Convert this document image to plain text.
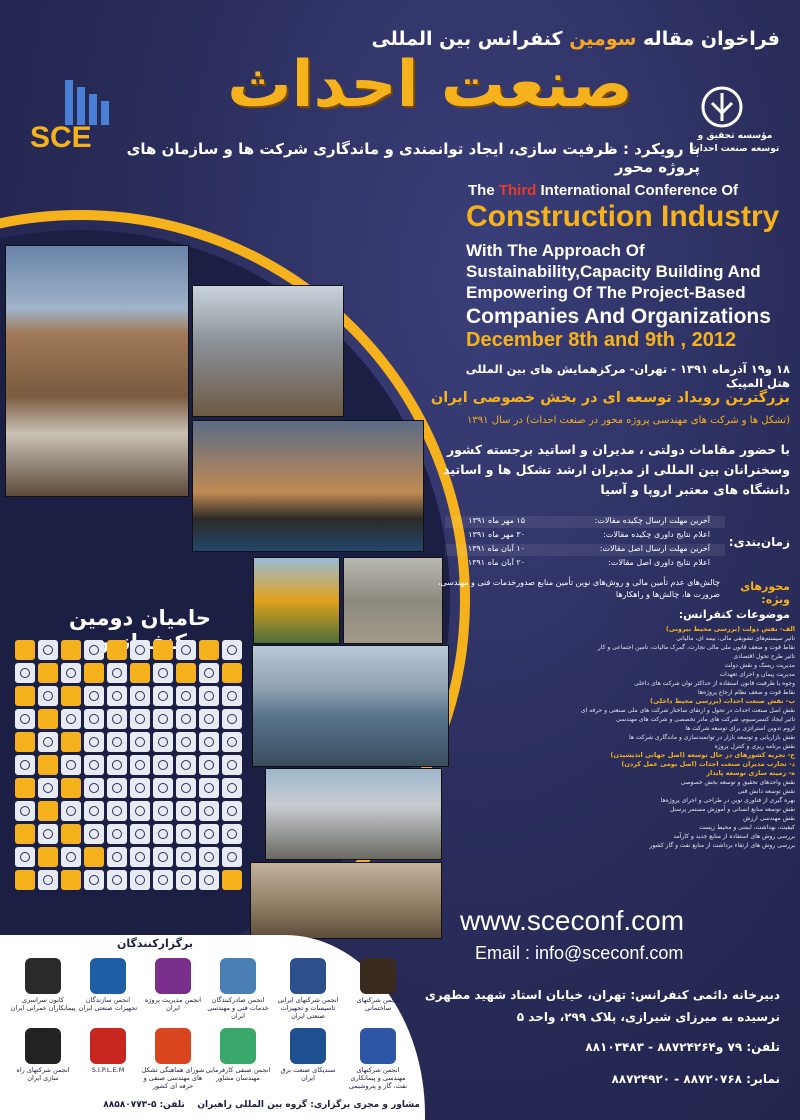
SCE
فراخوان مقاله سومین کنفرانس بین المللی
صنعت احداث
مؤسسه تحقیق و توسعه صنعت احداث
با رویکرد : ظرفیت سازی، ایجاد توانمندی و ماندگاری شرکت ها و سازمان های پروژه محور
The Third International Conference Of
Construction Industry
With The Approach Of
Sustainability,Capacity Building And
Empowering Of The Project-Based
Companies And Organizations
December 8th and 9th , 2012
۱۸ و۱۹ آذرماه ۱۳۹۱ - تهران- مرکزهمایش های بین المللی هتل المپیک
بزرگترین رویداد توسعه ای در بخش خصوصی ایران
(تشکل ها و شرکت های مهندسی پروژه محور در صنعت احداث) در سال ۱۳۹۱
با حضور مقامات دولتی ، مدیران و اساتید برجسته کشور وسخنرانان بین المللی از مدیران ارشد تشکل ها و اساتید دانشگاه های معتبر اروپا و آسیا
زمان‌بندی:
آخرین مهلت ارسال چکیده مقالات:
۱۵ مهر ماه ۱۳۹۱
اعلام نتایج داوری چکیده مقالات:
۳۰ مهر ماه ۱۳۹۱
آخرین مهلت ارسال اصل مقالات:
۱۰ آبان ماه ۱۳۹۱
اعلام نتایج داوری اصل مقالات:
۲۰ آبان ماه ۱۳۹۱
محورهای ویژه:
چالش‌های عدم تأمین مالی و روش‌های نوین تأمین منابع صدورخدمات فنی و مهندسی، ضرورت ها، چالش‌ها و راهکارها
موضوعات کنفرانس:
الف- نقش دولت (بررسی محیط بیرونی)
تاثیر سیستم‌های تشویقی مالی، بیمه ای، مالیاتی
نقاط قوت و ضعف قانون ملی مالی تجارت، گمرک مالیات، تامین اجتماعی و کار
تاثیر طرح تحول اقتصادی
مدیریت ریسک و نقش دولت
مدیریت پیمان و اجرای تعهدات
وجوه یا ظرفیت قانون استفاده از حداکثر توان شرکت های داخلی
نقاط قوت و ضعف نظام ارجاع پروژه‌ها
ب- نقش صنعت احداث (بررسی محیط داخلی)
نقش اصل صنعت احداث در تحول و ارتقای ساختار شرکت های ملی صنعتی و حرفه ای
تاثیر ایجاد کنسرسیوم، شرکت های مادر تخصصی و شرکت های مهندسی
لزوم تدوین استراتژی برای توسعه شرکت ها
نقش بازاریابی و توسعه بازار در توانمندسازی و ماندگاری شرکت ها
نقش برنامه ریزی و کنترل پروژه
ج- تجربه کشورهای در حال توسعه (اصل جهانی اندیشیدن)
د- تجارب مدیران صنعت احداث (اصل بومی عمل کردن)
ه- زمینه سازی توسعه پایدار
نقش واحدهای تحقیق و توسعه بخش خصوصی
نقش توسعه دانش فنی
بهره گیری از فناوری نوین در طراحی و اجرای پروژه‌ها
نقش توسعه منابع انسانی و آموزش مستمر پرسنل
نقش مهندسی ارزش
کیفیت، بهداشت، ایمنی و محیط زیست
بررسی روش های استفاده از منابع جدید و کارآمد
بررسی روش های ارتقاء برداشت از منابع نفت و گاز کشور
حامیان دومین
www.sceconf.com
Email : info@sceconf.com
دبیرخانه دائمی کنفرانس: تهران، خیابان استاد شهید مطهری
نرسیده به میرزای شیرازی، پلاک ۲۹۹، واحد ۵
تلفن: ۷۹ و۸۸۷۲۴۲۶۴ - ۸۸۱۰۳۴۸۳
نمابر: ۸۸۷۲۰۷۶۸ - ۸۸۷۲۴۹۲۰
برگزارکنندگان
مشاور و مجری برگزاری: گروه بین المللی راهبران    تلفن: ۵-۸۸۵۸۰۷۷۳
انجمن شرکتهای ساختمانی
انجمن شرکتهای ایرانی تاسیسات و تجهیزات صنعتی ایران
انجمن صادرکنندگان خدمات فنی و مهندسی ایران
انجمن مدیریت پروژه ایران
انجمن سازندگان تجهیزات صنعتی ایران
کانون سراسری پیمانکاران عمرانی ایران
انجمن شرکتهای مهندسی و پیمانکاری نفت، گاز و پتروشیمی
سندیکای صنعت برق ایران
انجمن صنفی کارفرمایی مهندسان مشاور
شورای هماهنگی تشکل های مهندسی صنفی و حرفه ای کشور
S.I.P.L.E.M
انجمن شرکتهای راه سازی ایران
